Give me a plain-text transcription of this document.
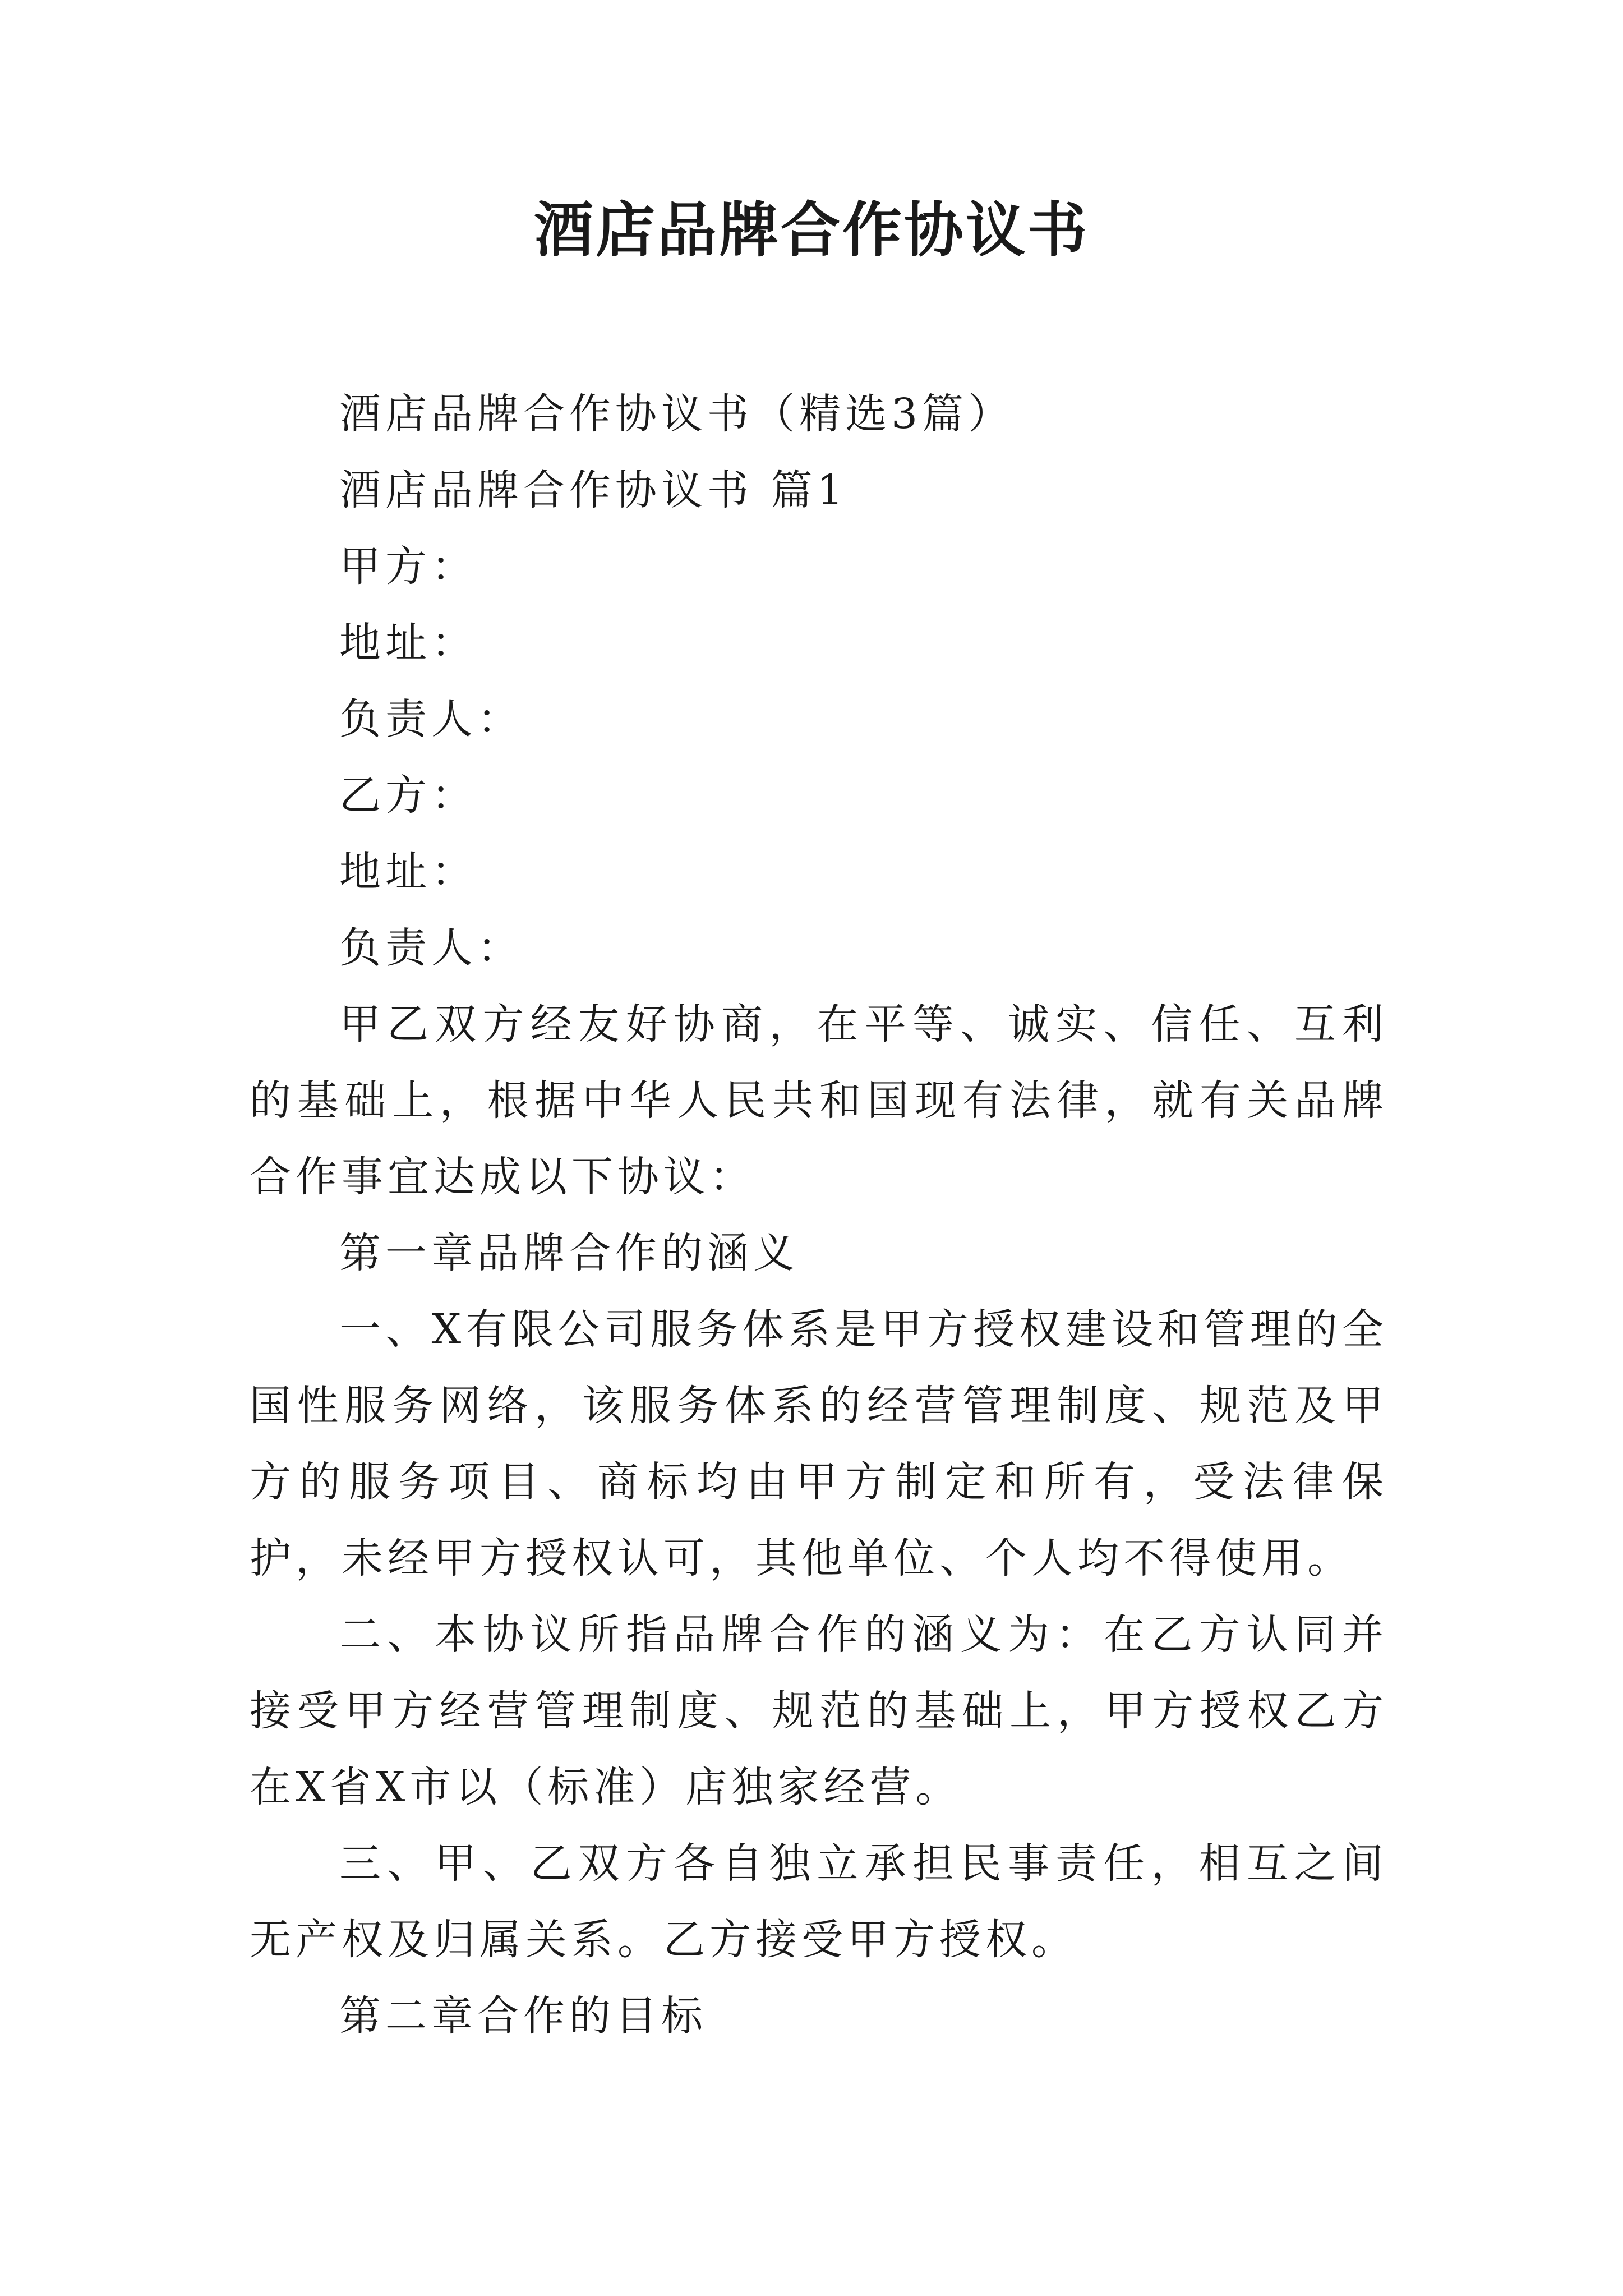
酒店品牌合作协议书

酒店品牌合作协议书（精选3篇）

酒店品牌合作协议书 篇1

甲方：

地址：

负责人：

乙方：

地址：

负责人：

甲乙双方经友好协商，在平等、诚实、信任、互利的基础上，根据中华人民共和国现有法律，就有关品牌合作事宜达成以下协议：

第一章品牌合作的涵义

一、X有限公司服务体系是甲方授权建设和管理的全国性服务网络，该服务体系的经营管理制度、规范及甲方的服务项目、商标均由甲方制定和所有，受法律保护，未经甲方授权认可，其他单位、个人均不得使用。

二、本协议所指品牌合作的涵义为：在乙方认同并接受甲方经营管理制度、规范的基础上，甲方授权乙方在X省X市以（标准）店独家经营。

三、甲、乙双方各自独立承担民事责任，相互之间无产权及归属关系。乙方接受甲方授权。

第二章合作的目标
